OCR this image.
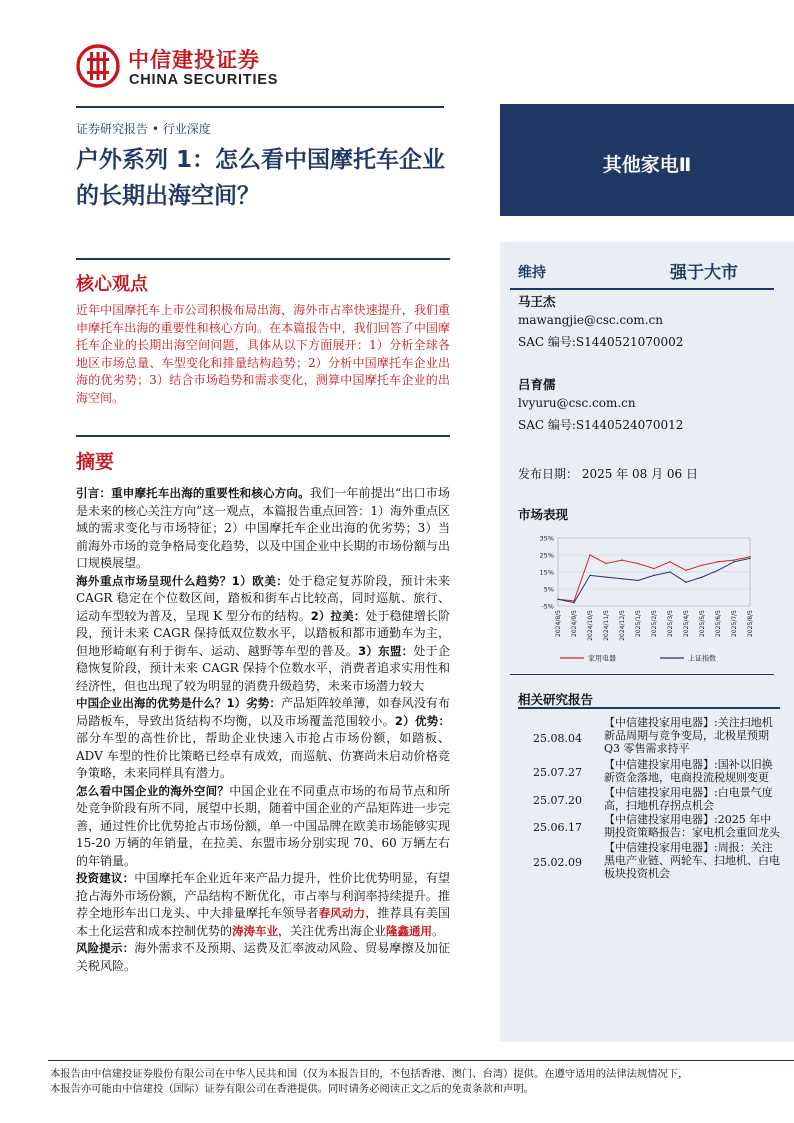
中信建投证券
CHINA SECURITIES
证券研究报告 • 行业深度
户外系列 1：怎么看中国摩托车企业的长期出海空间？
其他家电Ⅱ
维持	强于大市
马王杰
mawangjie@csc.com.cn
SAC 编号:S1440521070002
吕育儒
lvyuru@csc.com.cn
SAC 编号:S1440524070012
发布日期： 2025 年 08 月 06 日
市场表现
35%
25%
15%
5%
-5%
2024/8/5 2024/9/5 2024/10/5 2024/11/5 2024/12/5 2025/1/5 2025/2/5 2025/3/5 2025/4/5 2025/5/5 2025/6/5 2025/7/5 2025/8/5
家用电器	上证指数
相关研究报告
25.08.04
【中信建投家用电器】:关注扫地机新品周期与竞争变局，北极星预期 Q3 零售需求持平
25.07.27
【中信建投家用电器】:国补以旧换新资金落地，电商投流税规则变更
25.07.20
【中信建投家用电器】:白电景气度高，扫地机存拐点机会
25.06.17
【中信建投家用电器】:2025 年中期投资策略报告：家电机会重回龙头
25.02.09
【中信建投家用电器】:周报：关注黑电产业链、两轮车、扫地机、白电板块投资机会
核心观点
近年中国摩托车上市公司积极布局出海，海外市占率快速提升，我们重申摩托车出海的重要性和核心方向。在本篇报告中，我们回答了中国摩托车企业的长期出海空间问题，具体从以下方面展开：1）分析全球各地区市场总量、车型变化和排量结构趋势；2）分析中国摩托车企业出海的优劣势；3）结合市场趋势和需求变化，测算中国摩托车企业的出海空间。
摘要

引言：重申摩托车出海的重要性和核心方向。我们一年前提出“出口市场是未来的核心关注方向”这一观点，本篇报告重点回答：1）海外重点区域的需求变化与市场特征；2）中国摩托车企业出海的优劣势；3）当前海外市场的竞争格局变化趋势，以及中国企业中长期的市场份额与出口规模展望。

海外重点市场呈现什么趋势？1）欧美：处于稳定复苏阶段，预计未来 CAGR 稳定在个位数区间，踏板和街车占比较高，同时巡航、旅行、运动车型较为普及，呈现 K 型分布的结构。2）拉美：处于稳健增长阶段，预计未来 CAGR 保持低双位数水平，以踏板和都市通勤车为主，但地形崎岖有利于街车、运动、越野等车型的普及。3）东盟：处于企稳恢复阶段，预计未来 CAGR 保持个位数水平，消费者追求实用性和经济性，但也出现了较为明显的消费升级趋势，未来市场潜力较大

中国企业出海的优势是什么？1）劣势：产品矩阵较单薄，如春风没有布局踏板车，导致出货结构不均衡，以及市场覆盖范围较小。2）优势：部分车型的高性价比，帮助企业快速入市抢占市场份额，如踏板、ADV 车型的性价比策略已经卓有成效，而巡航、仿赛尚未启动价格竞争策略，未来同样具有潜力。

怎么看中国企业的海外空间？中国企业在不同重点市场的布局节点和所处竞争阶段有所不同，展望中长期，随着中国企业的产品矩阵进一步完善，通过性价比优势抢占市场份额，单一中国品牌在欧美市场能够实现 15-20 万辆的年销量，在拉美、东盟市场分别实现 70、60 万辆左右的年销量。

投资建议：中国摩托车企业近年来产品力提升，性价比优势明显，有望抢占海外市场份额，产品结构不断优化，市占率与利润率持续提升。推荐全地形车出口龙头、中大排量摩托车领导者春风动力，推荐具有美国本土化运营和成本控制优势的涛涛车业，关注优秀出海企业隆鑫通用。

风险提示：海外需求不及预期、运费及汇率波动风险、贸易摩擦及加征关税风险。

本报告由中信建投证券股份有限公司在中华人民共和国（仅为本报告目的，不包括香港、澳门、台湾）提供。在遵守适用的法律法规情况下，
本报告亦可能由中信建投（国际）证券有限公司在香港提供。同时请务必阅读正文之后的免责条款和声明。
